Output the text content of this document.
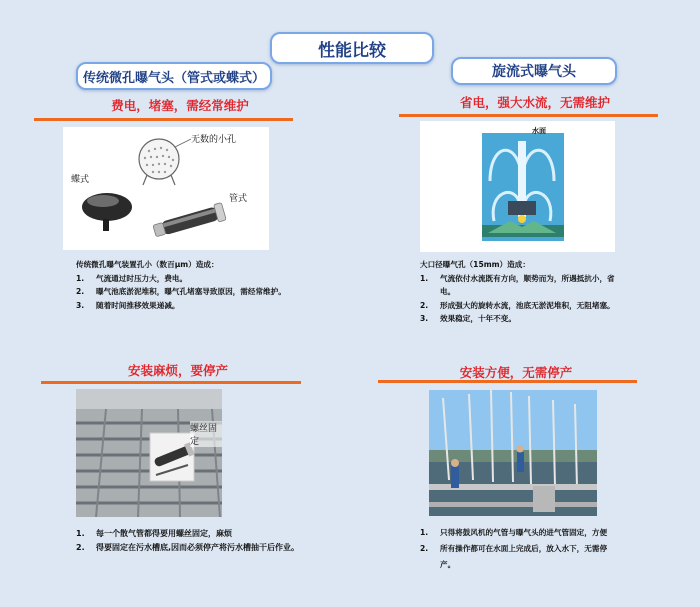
性能比较
传统微孔曝气头（管式或蝶式）
费电，堵塞，需经常维护
无数的小孔
蝶式
管式
传统微孔曝气装置孔小（数百μm）造成：
1.	气流通过时压力大，费电。
2.	曝气池底淤泥堆积，曝气孔堵塞导致原因，需经常维护。
3.	随着时间推移效果递减。
安装麻烦，要停产
螺丝固定
1.	每一个散气管都得要用螺丝固定，麻烦
2.	得要固定在污水槽底,因而必须停产将污水槽抽干后作业。
旋流式曝气头
省电，强大水流，无需维护
水面
大口径曝气孔（15mm）造成：
1.	气流依付水流既有方向，顺势而为，所遇抵抗小，省电。
2.	形成强大的旋转水流，池底无淤泥堆积，无阻堵塞。
3.	效果稳定，十年不变。
安装方便，无需停产
1.	只得将鼓风机的气管与曝气头的进气管固定，方便
2.	所有操作都可在水面上完成后，放入水下，无需停产。
